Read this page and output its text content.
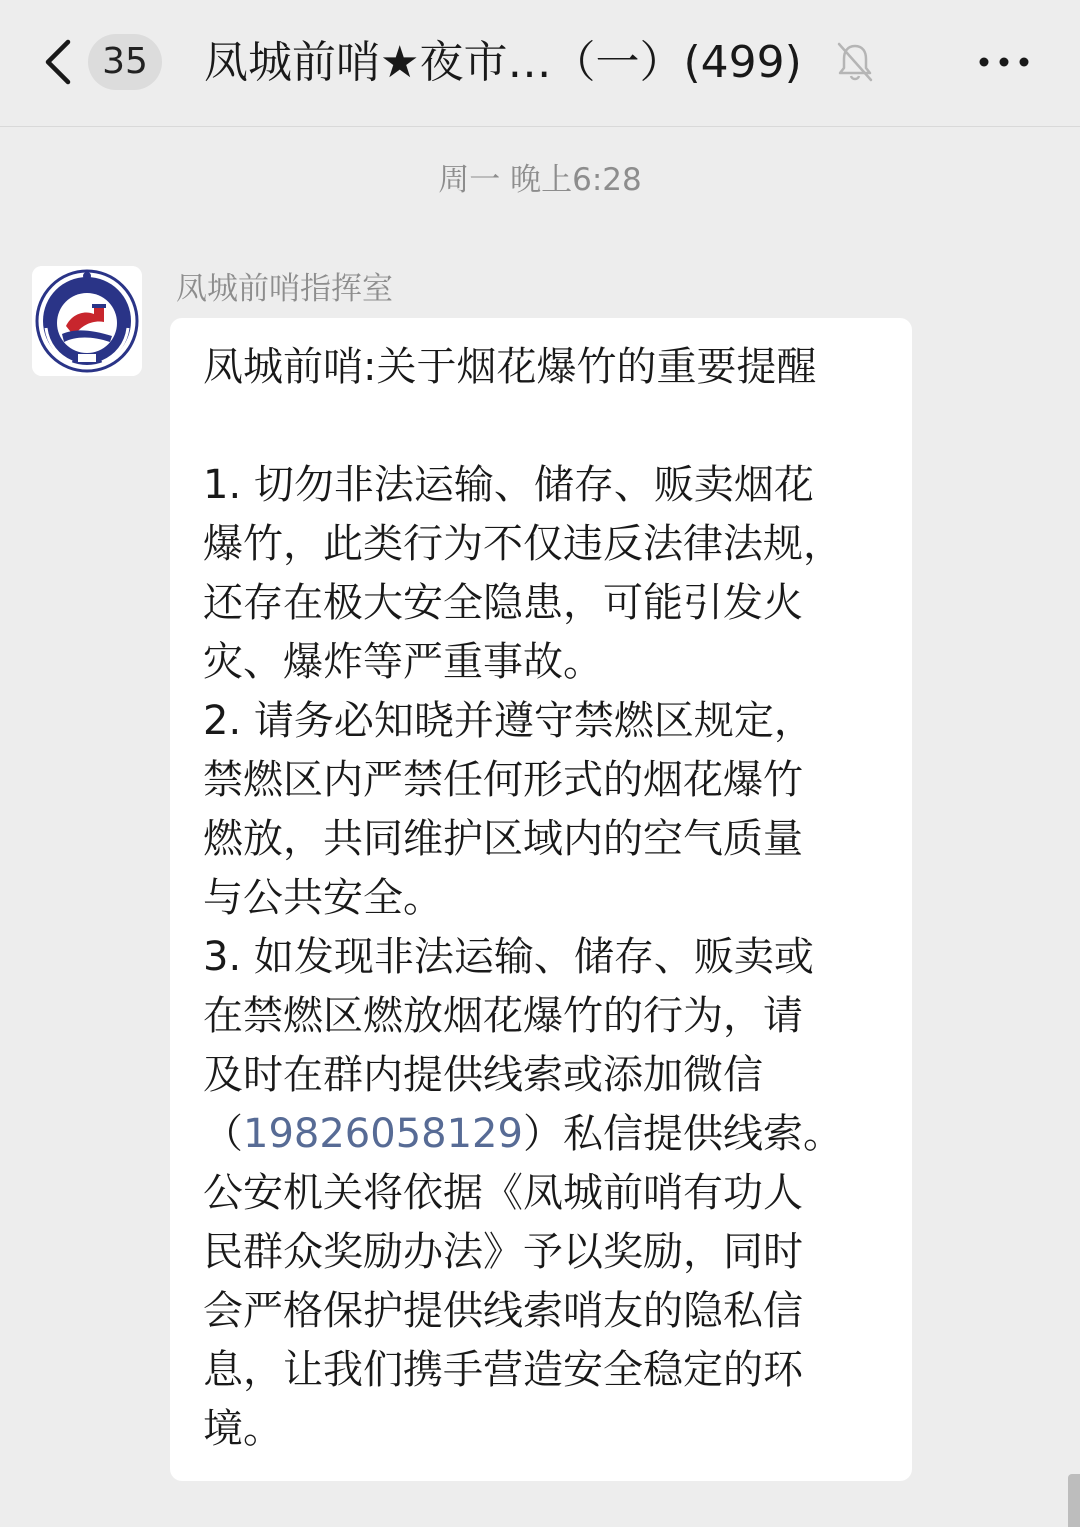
35	凤城前哨★夜市…（一）(499)
周一 晚上6:28
凤城前哨指挥室
凤城前哨:关于烟花爆竹的重要提醒
1. 切勿非法运输、储存、贩卖烟花
爆竹，此类行为不仅违反法律法规，
还存在极大安全隐患，可能引发火
灾、爆炸等严重事故。
2. 请务必知晓并遵守禁燃区规定，
禁燃区内严禁任何形式的烟花爆竹
燃放，共同维护区域内的空气质量
与公共安全。
3. 如发现非法运输、储存、贩卖或
在禁燃区燃放烟花爆竹的行为，请
及时在群内提供线索或添加微信
（19826058129）私信提供线索。
公安机关将依据《凤城前哨有功人
民群众奖励办法》予以奖励，同时
会严格保护提供线索哨友的隐私信
息，让我们携手营造安全稳定的环
境。
